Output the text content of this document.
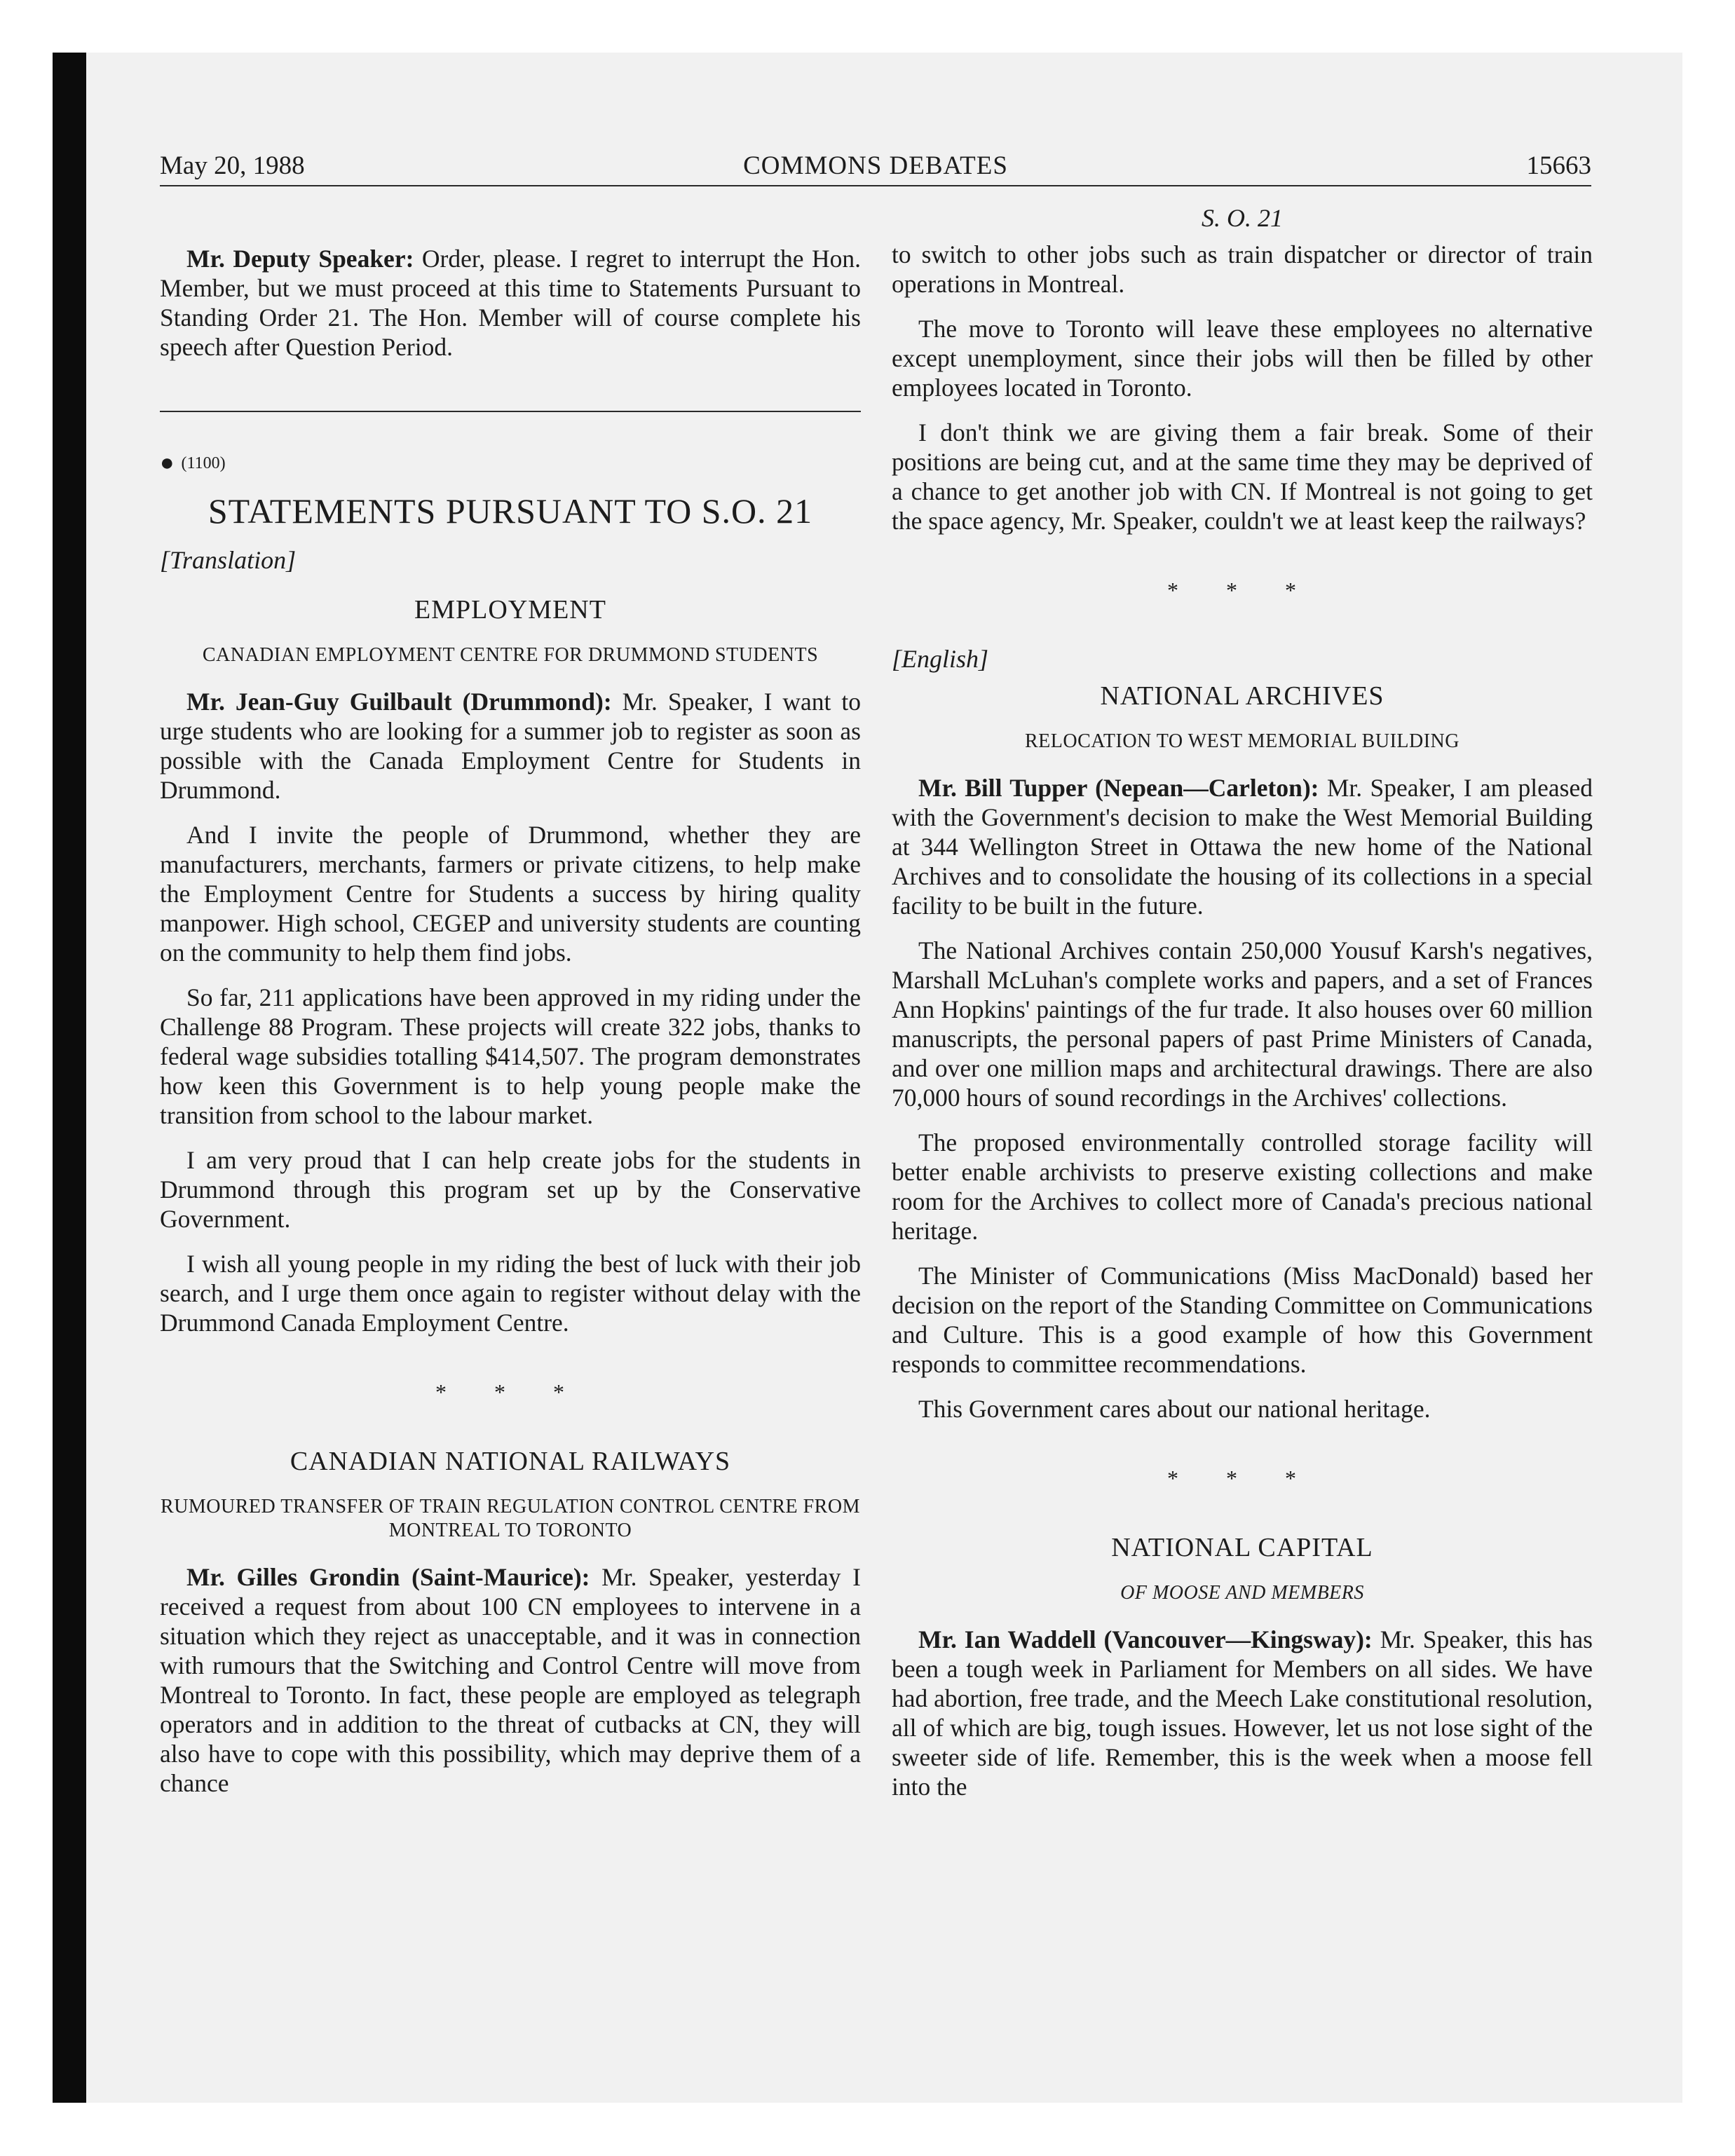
May 20, 1988	COMMONS DEBATES	15663

Mr. Deputy Speaker: Order, please. I regret to interrupt the Hon. Member, but we must proceed at this time to Statements Pursuant to Standing Order 21. The Hon. Member will of course complete his speech after Question Period.

● (1100)
STATEMENTS PURSUANT TO S.O. 21
[Translation]
EMPLOYMENT
CANADIAN EMPLOYMENT CENTRE FOR DRUMMOND STUDENTS

Mr. Jean-Guy Guilbault (Drummond): Mr. Speaker, I want to urge students who are looking for a summer job to register as soon as possible with the Canada Employment Centre for Students in Drummond.

And I invite the people of Drummond, whether they are manufacturers, merchants, farmers or private citizens, to help make the Employment Centre for Students a success by hiring quality manpower. High school, CEGEP and university students are counting on the community to help them find jobs.

So far, 211 applications have been approved in my riding under the Challenge 88 Program. These projects will create 322 jobs, thanks to federal wage subsidies totalling $414,507. The program demonstrates how keen this Government is to help young people make the transition from school to the labour market.

I am very proud that I can help create jobs for the students in Drummond through this program set up by the Conservative Government.

I wish all young people in my riding the best of luck with their job search, and I urge them once again to register without delay with the Drummond Canada Employment Centre.

* * *
CANADIAN NATIONAL RAILWAYS
RUMOURED TRANSFER OF TRAIN REGULATION CONTROL CENTRE FROM MONTREAL TO TORONTO

Mr. Gilles Grondin (Saint-Maurice): Mr. Speaker, yesterday I received a request from about 100 CN employees to intervene in a situation which they reject as unacceptable, and it was in connection with rumours that the Switching and Control Centre will move from Montreal to Toronto. In fact, these people are employed as telegraph operators and in addition to the threat of cutbacks at CN, they will also have to cope with this possibility, which may deprive them of a chance

S. O. 21

to switch to other jobs such as train dispatcher or director of train operations in Montreal.

The move to Toronto will leave these employees no alternative except unemployment, since their jobs will then be filled by other employees located in Toronto.

I don't think we are giving them a fair break. Some of their positions are being cut, and at the same time they may be deprived of a chance to get another job with CN. If Montreal is not going to get the space agency, Mr. Speaker, couldn't we at least keep the railways?

* * *
[English]
NATIONAL ARCHIVES
RELOCATION TO WEST MEMORIAL BUILDING

Mr. Bill Tupper (Nepean—Carleton): Mr. Speaker, I am pleased with the Government's decision to make the West Memorial Building at 344 Wellington Street in Ottawa the new home of the National Archives and to consolidate the housing of its collections in a special facility to be built in the future.

The National Archives contain 250,000 Yousuf Karsh's negatives, Marshall McLuhan's complete works and papers, and a set of Frances Ann Hopkins' paintings of the fur trade. It also houses over 60 million manuscripts, the personal papers of past Prime Ministers of Canada, and over one million maps and architectural drawings. There are also 70,000 hours of sound recordings in the Archives' collections.

The proposed environmentally controlled storage facility will better enable archivists to preserve existing collections and make room for the Archives to collect more of Canada's precious national heritage.

The Minister of Communications (Miss MacDonald) based her decision on the report of the Standing Committee on Communications and Culture. This is a good example of how this Government responds to committee recommendations.

This Government cares about our national heritage.

* * *
NATIONAL CAPITAL
OF MOOSE AND MEMBERS

Mr. Ian Waddell (Vancouver—Kingsway): Mr. Speaker, this has been a tough week in Parliament for Members on all sides. We have had abortion, free trade, and the Meech Lake constitutional resolution, all of which are big, tough issues. However, let us not lose sight of the sweeter side of life. Remember, this is the week when a moose fell into the
